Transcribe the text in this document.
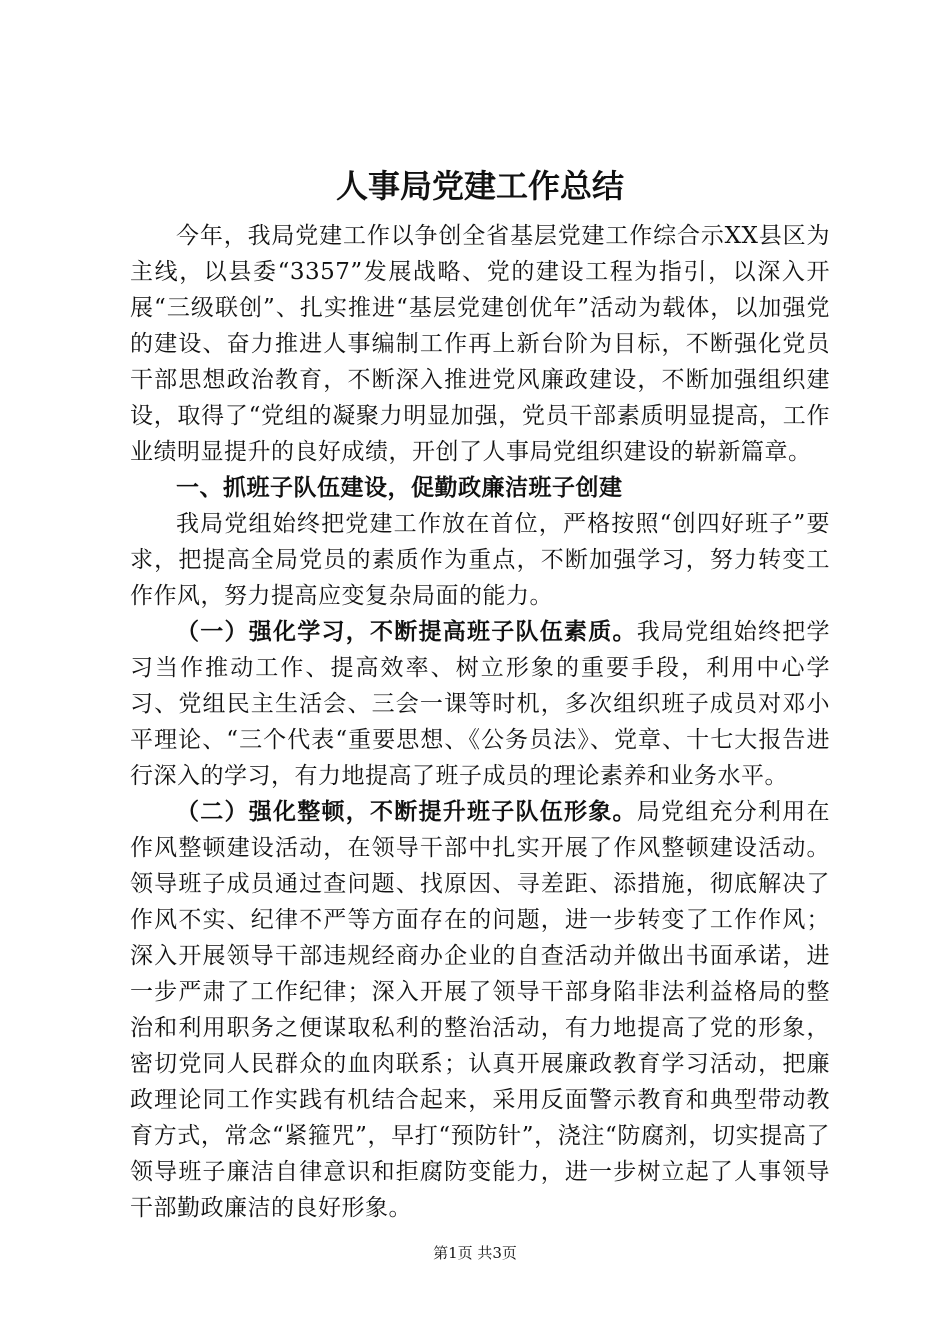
人事局党建工作总结

今年，我局党建工作以争创全省基层党建工作综合示XX县区为主线，以县委“3357”发展战略、党的建设工程为指引，以深入开展“三级联创”、扎实推进“基层党建创优年”活动为载体，以加强党的建设、奋力推进人事编制工作再上新台阶为目标，不断强化党员干部思想政治教育，不断深入推进党风廉政建设，不断加强组织建设，取得了“党组的凝聚力明显加强，党员干部素质明显提高，工作业绩明显提升的良好成绩，开创了人事局党组织建设的崭新篇章。

一、抓班子队伍建设，促勤政廉洁班子创建

我局党组始终把党建工作放在首位，严格按照“创四好班子”要求，把提高全局党员的素质作为重点，不断加强学习，努力转变工作作风，努力提高应变复杂局面的能力。

（一）强化学习，不断提高班子队伍素质。我局党组始终把学习当作推动工作、提高效率、树立形象的重要手段，利用中心学习、党组民主生活会、三会一课等时机，多次组织班子成员对邓小平理论、“三个代表“重要思想、《公务员法》、党章、十七大报告进行深入的学习，有力地提高了班子成员的理论素养和业务水平。

（二）强化整顿，不断提升班子队伍形象。局党组充分利用在作风整顿建设活动，在领导干部中扎实开展了作风整顿建设活动。领导班子成员通过查问题、找原因、寻差距、添措施，彻底解决了作风不实、纪律不严等方面存在的问题，进一步转变了工作作风；深入开展领导干部违规经商办企业的自查活动并做出书面承诺，进一步严肃了工作纪律；深入开展了领导干部身陷非法利益格局的整治和利用职务之便谋取私利的整治活动，有力地提高了党的形象，密切党同人民群众的血肉联系；认真开展廉政教育学习活动，把廉政理论同工作实践有机结合起来，采用反面警示教育和典型带动教育方式，常念“紧箍咒”，早打“预防针”，浇注“防腐剂，切实提高了领导班子廉洁自律意识和拒腐防变能力，进一步树立起了人事领导干部勤政廉洁的良好形象。

第1页 共3页
